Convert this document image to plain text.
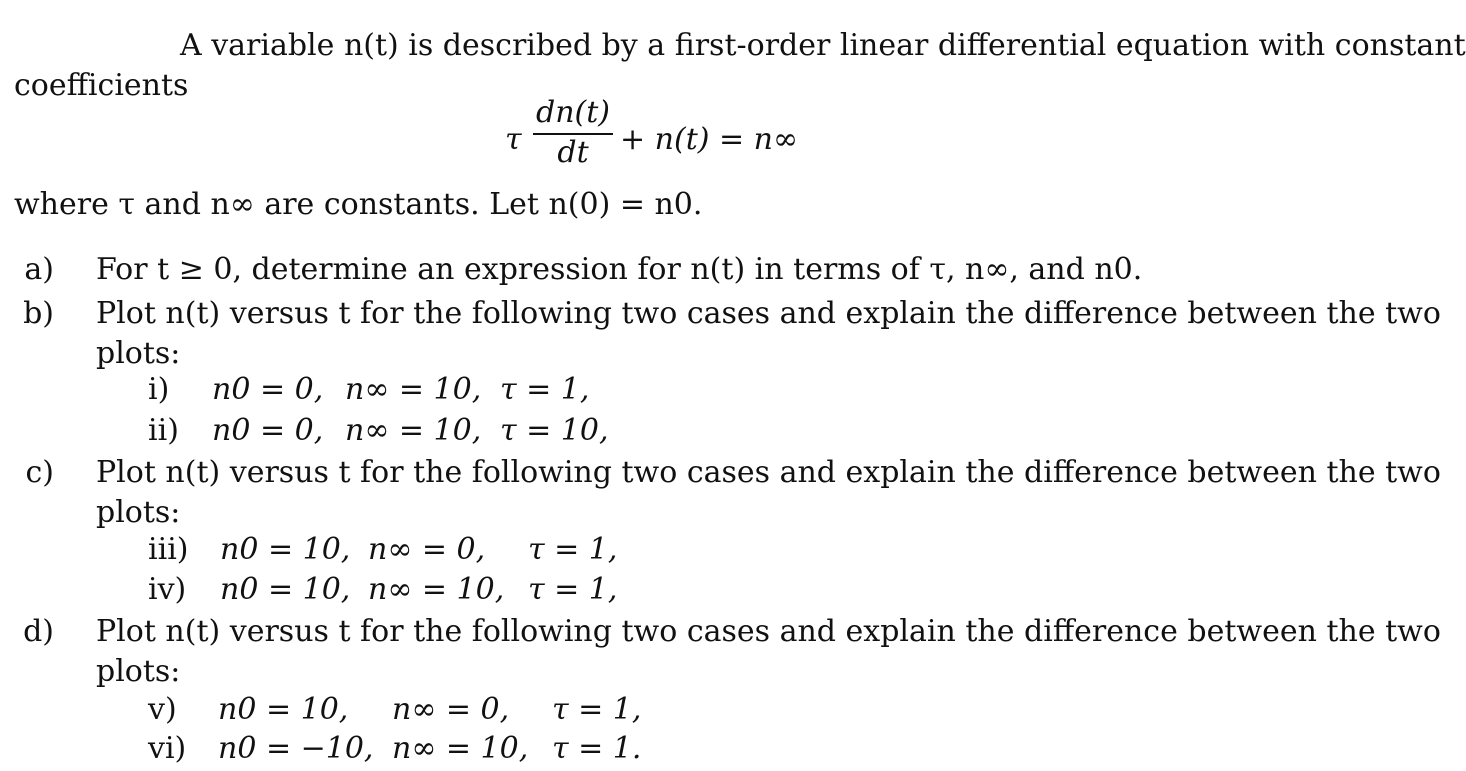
A variable n(t) is described by a first-order linear differential equation with constant
coefficients
τ $\frac{dn(t)}{dt} + n(t) = n\infty$
where τ and n∞ are constants. Let n(0) = n0.
a) For t ≥ 0, determine an expression for n(t) in terms of τ, n∞, and n0.
b) Plot n(t) versus t for the following two cases and explain the difference between the two
plots:
i) n0 = 0, n∞ = 10, τ = 1,
ii) n0 = 0, n∞ = 10, τ = 10,
c) Plot n(t) versus t for the following two cases and explain the difference between the two
plots:
iii) n0 = 10, n∞ = 0, τ = 1,
iv) n0 = 10, n∞ = 10, τ = 1,
d) Plot n(t) versus t for the following two cases and explain the difference between the two
plots:
v) n0 = 10, n∞ = 0, τ = 1,
vi) n0 = −10, n∞ = 10, τ = 1.
